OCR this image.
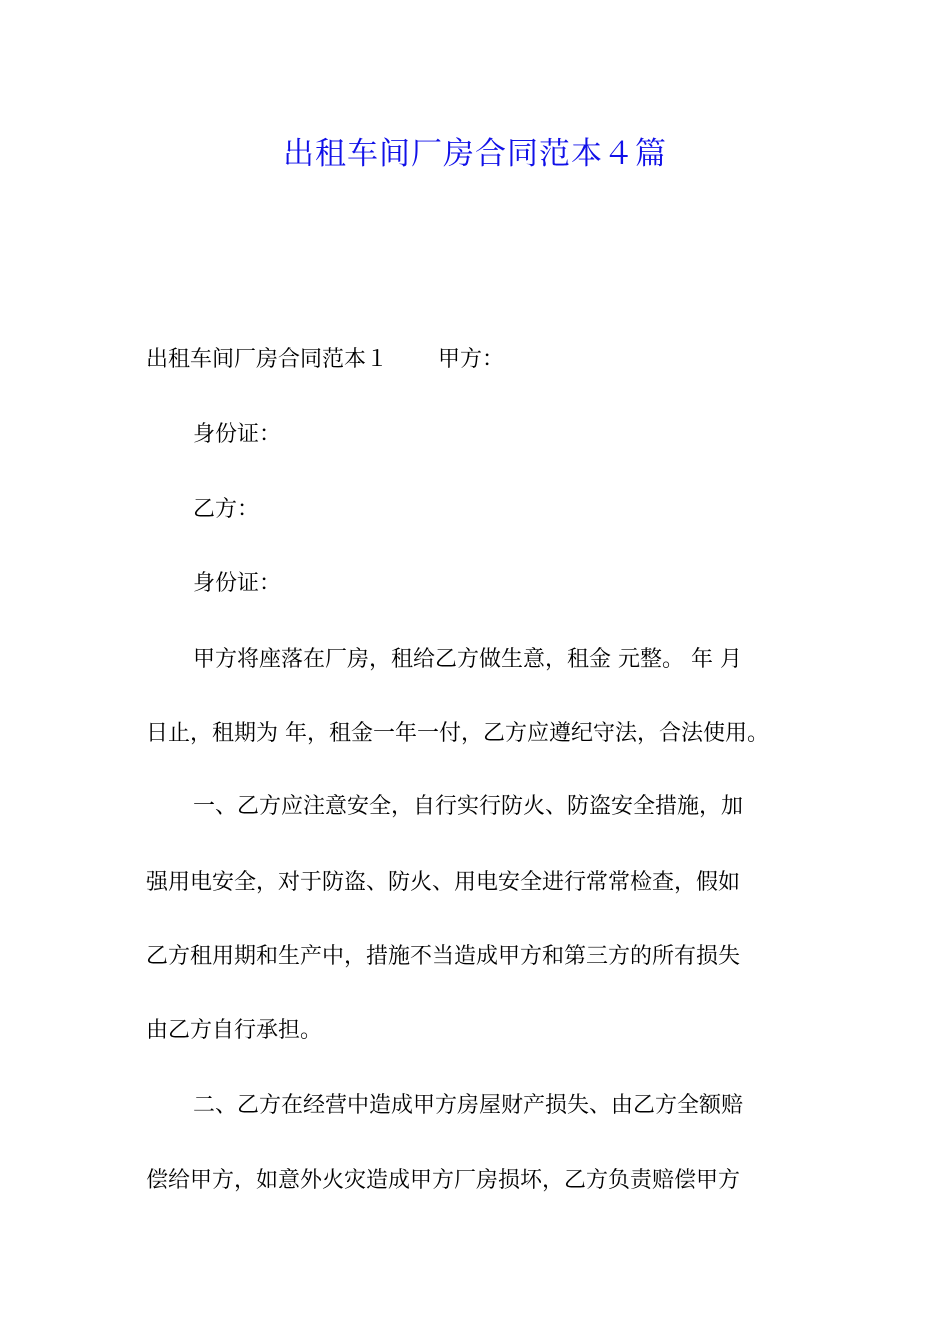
出租车间厂房合同范本４篇

出租车间厂房合同范本１ 甲方：

身份证：

乙方：

身份证：

甲方将座落在厂房，租给乙方做生意，租金 元整。 年 月

日止，租期为 年，租金一年一付，乙方应遵纪守法，合法使用。

一、乙方应注意安全，自行实行防火、防盗安全措施，加

强用电安全，对于防盗、防火、用电安全进行常常检查，假如

乙方租用期和生产中，措施不当造成甲方和第三方的所有损失

由乙方自行承担。

二、乙方在经营中造成甲方房屋财产损失、由乙方全额赔

偿给甲方，如意外火灾造成甲方厂房损坏，乙方负责赔偿甲方
